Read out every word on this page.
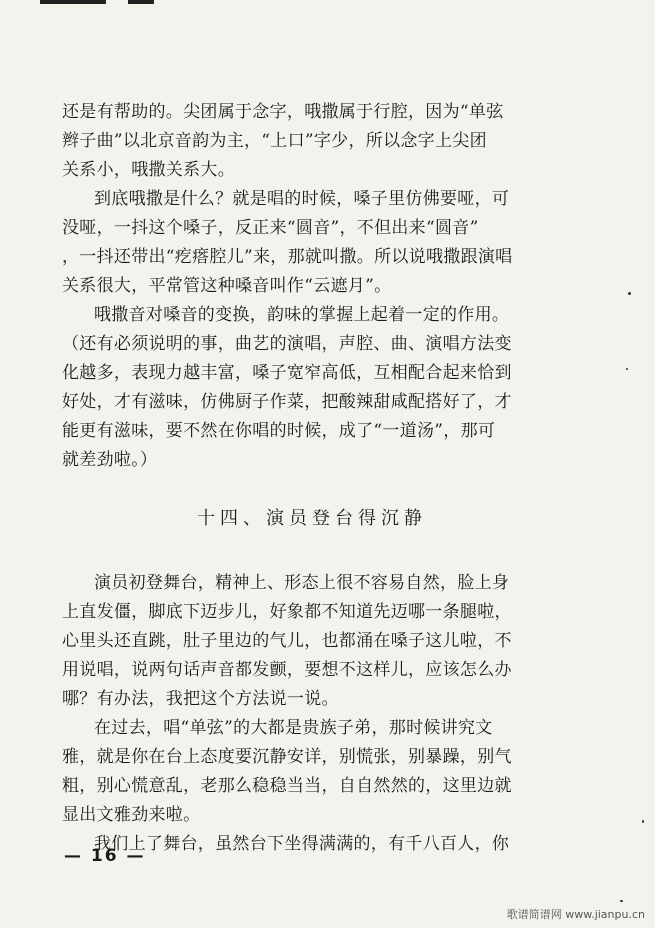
还是有帮助的。尖团属于念字，哦撒属于行腔，因为“单弦
辫子曲”以北京音韵为主，“上口”字少，所以念字上尖团
关系小，哦撒关系大。
到底哦撒是什么？就是唱的时候，嗓子里仿佛要哑，可
没哑，一抖这个嗓子，反正来“圆音”，不但出来“圆音”
，一抖还带出“疙瘩腔儿”来，那就叫撒。所以说哦撒跟演唱
关系很大，平常管这种嗓音叫作“云遮月”。
哦撒音对嗓音的变换，韵味的掌握上起着一定的作用。
（还有必须说明的事，曲艺的演唱，声腔、曲、演唱方法变
化越多，表现力越丰富，嗓子宽窄高低，互相配合起来恰到
好处，才有滋味，仿佛厨子作菜，把酸辣甜咸配搭好了，才
能更有滋味，要不然在你唱的时候，成了“一道汤”，那可
就差劲啦。）
十四、演员登台得沉静
演员初登舞台，精神上、形态上很不容易自然，脸上身
上直发僵，脚底下迈步儿，好象都不知道先迈哪一条腿啦，
心里头还直跳，肚子里边的气儿，也都涌在嗓子这儿啦，不
用说唱，说两句话声音都发颤，要想不这样儿，应该怎么办
哪？有办法，我把这个方法说一说。
在过去，唱“单弦”的大都是贵族子弟，那时候讲究文
雅，就是你在台上态度要沉静安详，别慌张，别暴躁，别气
粗，别心慌意乱，老那么稳稳当当，自自然然的，这里边就
显出文雅劲来啦。
我们上了舞台，虽然台下坐得满满的，有千八百人，你
— 16 —
歌谱简谱网 www.jianpu.cn
